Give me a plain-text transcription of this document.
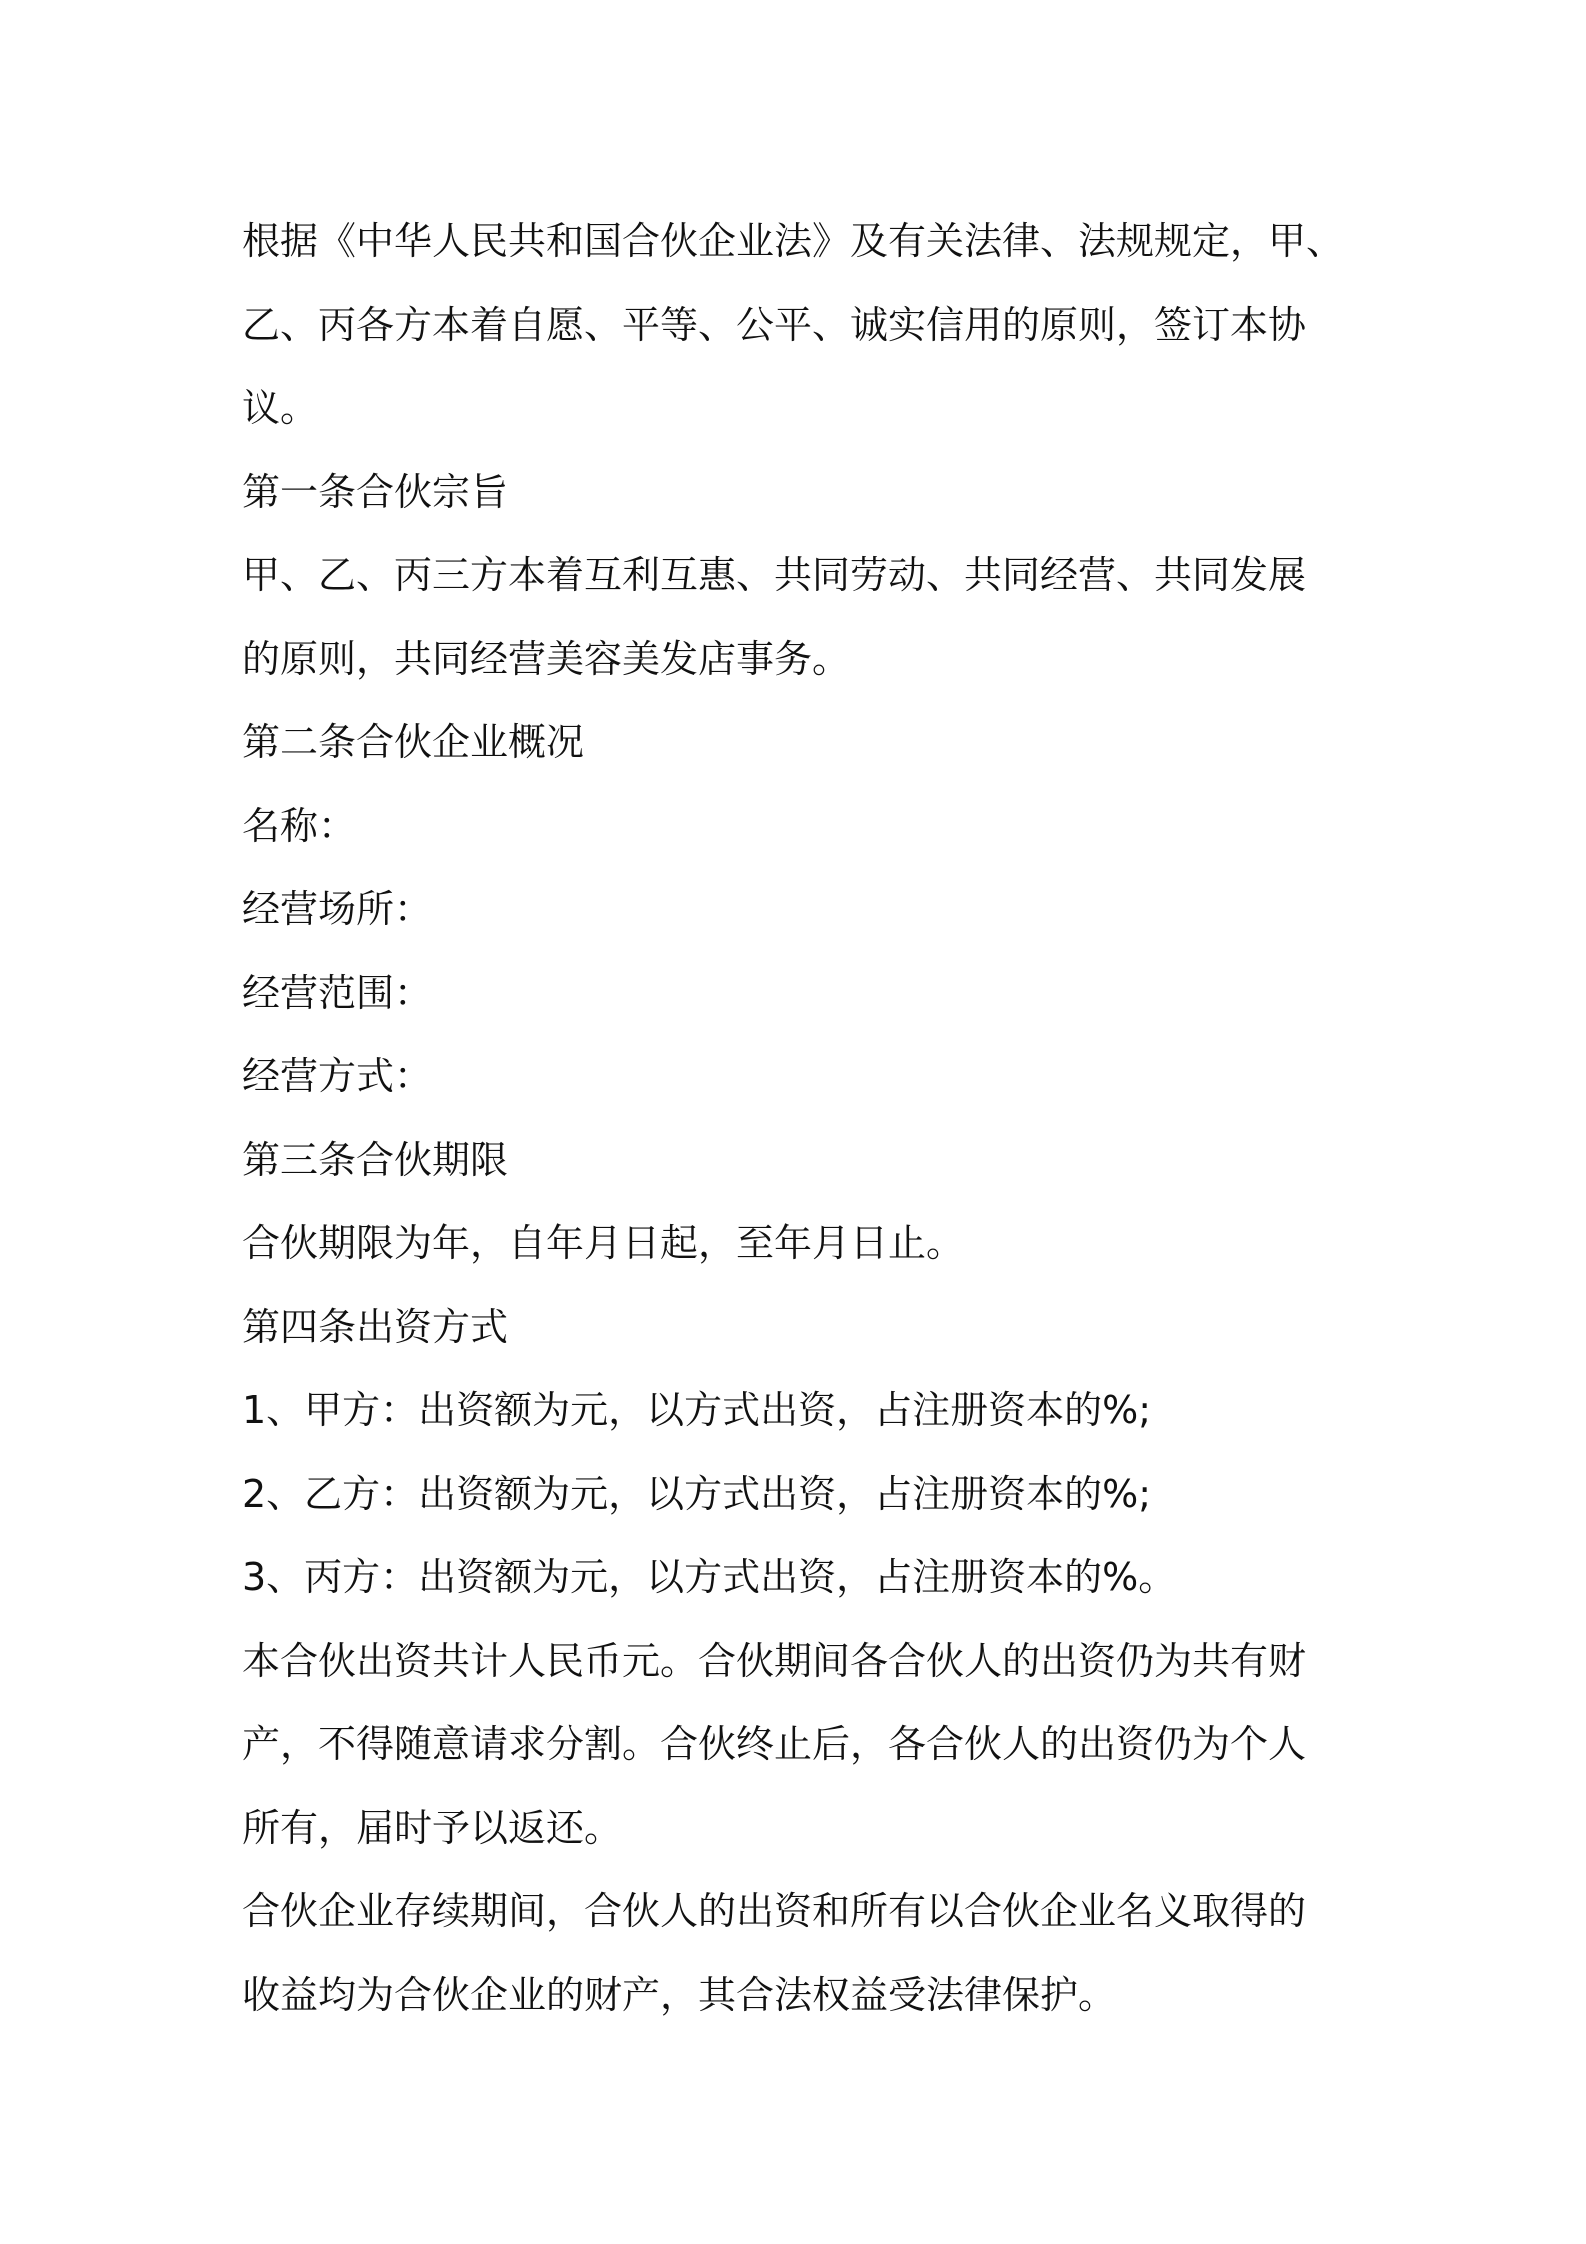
根据《中华人民共和国合伙企业法》及有关法律、法规规定，甲、
乙、丙各方本着自愿、平等、公平、诚实信用的原则，签订本协
议。
第一条合伙宗旨
甲、乙、丙三方本着互利互惠、共同劳动、共同经营、共同发展
的原则，共同经营美容美发店事务。
第二条合伙企业概况
名称：
经营场所：
经营范围：
经营方式：
第三条合伙期限
合伙期限为年，自年月日起，至年月日止。
第四条出资方式
1、甲方：出资额为元，以方式出资，占注册资本的%;
2、乙方：出资额为元，以方式出资，占注册资本的%;
3、丙方：出资额为元，以方式出资，占注册资本的%。
本合伙出资共计人民币元。合伙期间各合伙人的出资仍为共有财
产，不得随意请求分割。合伙终止后，各合伙人的出资仍为个人
所有，届时予以返还。
合伙企业存续期间，合伙人的出资和所有以合伙企业名义取得的
收益均为合伙企业的财产，其合法权益受法律保护。
